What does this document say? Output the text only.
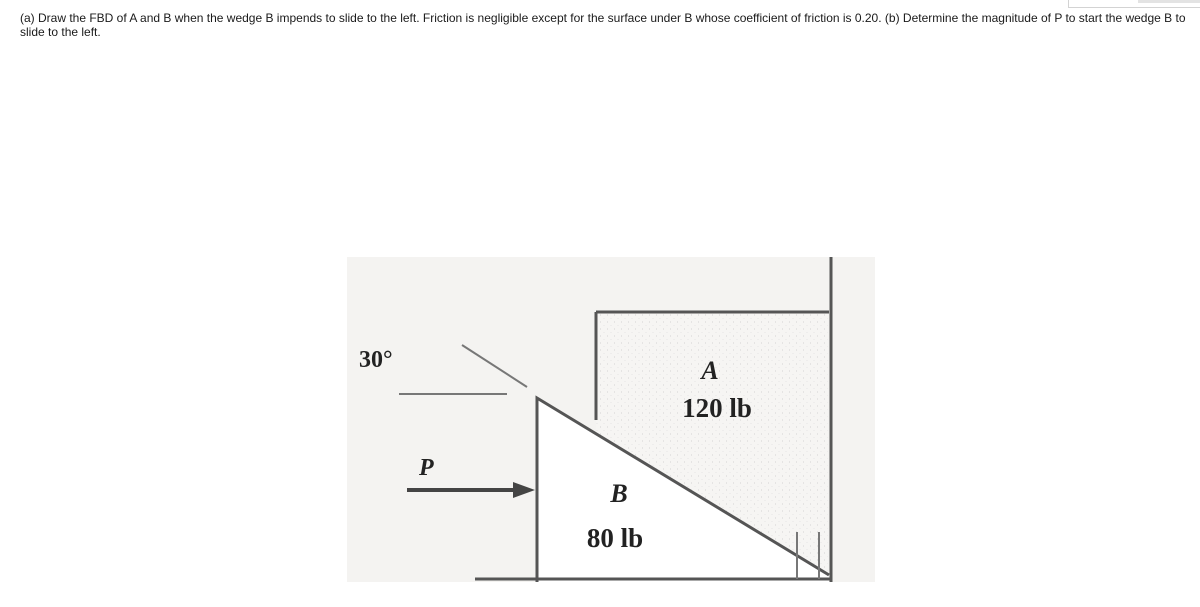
(a) Draw the FBD of A and B when the wedge B impends to slide to the left. Friction is negligible except for the surface under B whose coefficient of friction is 0.20. (b) Determine the magnitude of P to start the wedge B to slide to the left.
30°
P
A
120 lb
B
80 lb
